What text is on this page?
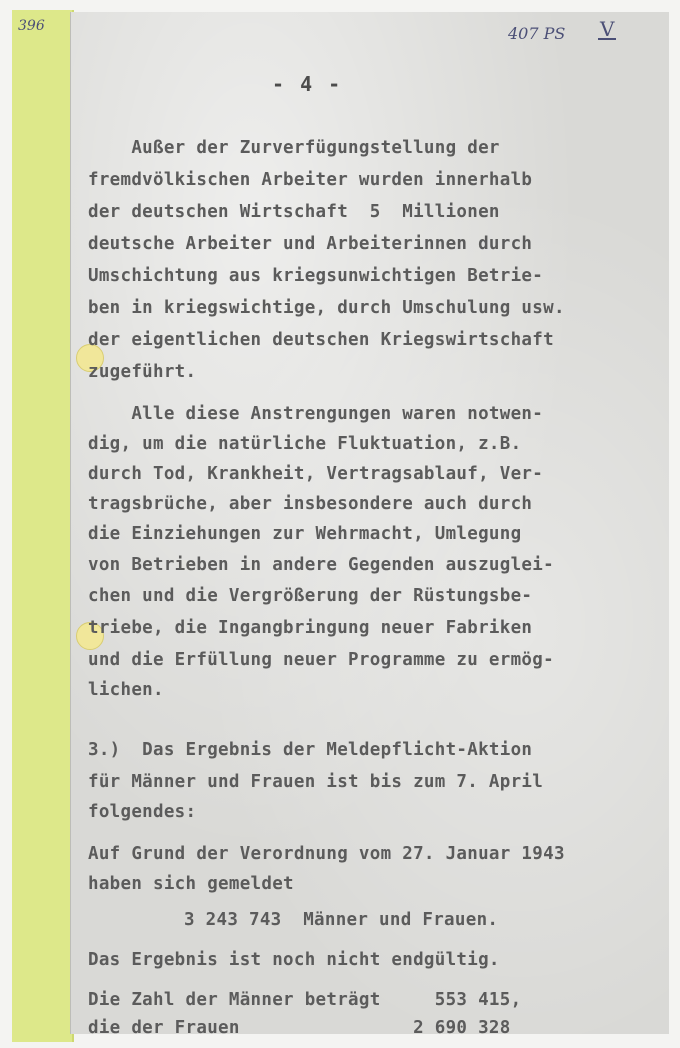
396	407 PS V
- 4 -
Außer der Zurverfügungstellung der
fremdvölkischen Arbeiter wurden innerhalb
der deutschen Wirtschaft  5  Millionen
deutsche Arbeiter und Arbeiterinnen durch
Umschichtung aus kriegsunwichtigen Betrie-
ben in kriegswichtige, durch Umschulung usw.
der eigentlichen deutschen Kriegswirtschaft
zugeführt.
Alle diese Anstrengungen waren notwen-
dig, um die natürliche Fluktuation, z.B.
durch Tod, Krankheit, Vertragsablauf, Ver-
tragsbrüche, aber insbesondere auch durch
die Einziehungen zur Wehrmacht, Umlegung
von Betrieben in andere Gegenden auszuglei-
chen und die Vergrößerung der Rüstungsbe-
triebe, die Ingangbringung neuer Fabriken
und die Erfüllung neuer Programme zu ermög-
lichen.
3.)  Das Ergebnis der Meldepflicht-Aktion
für Männer und Frauen ist bis zum 7. April
folgendes:
Auf Grund der Verordnung vom 27. Januar 1943
haben sich gemeldet
3 243 743  Männer und Frauen.
Das Ergebnis ist noch nicht endgültig.
Die Zahl der Männer beträgt     553 415,
die der Frauen                2 690 328
